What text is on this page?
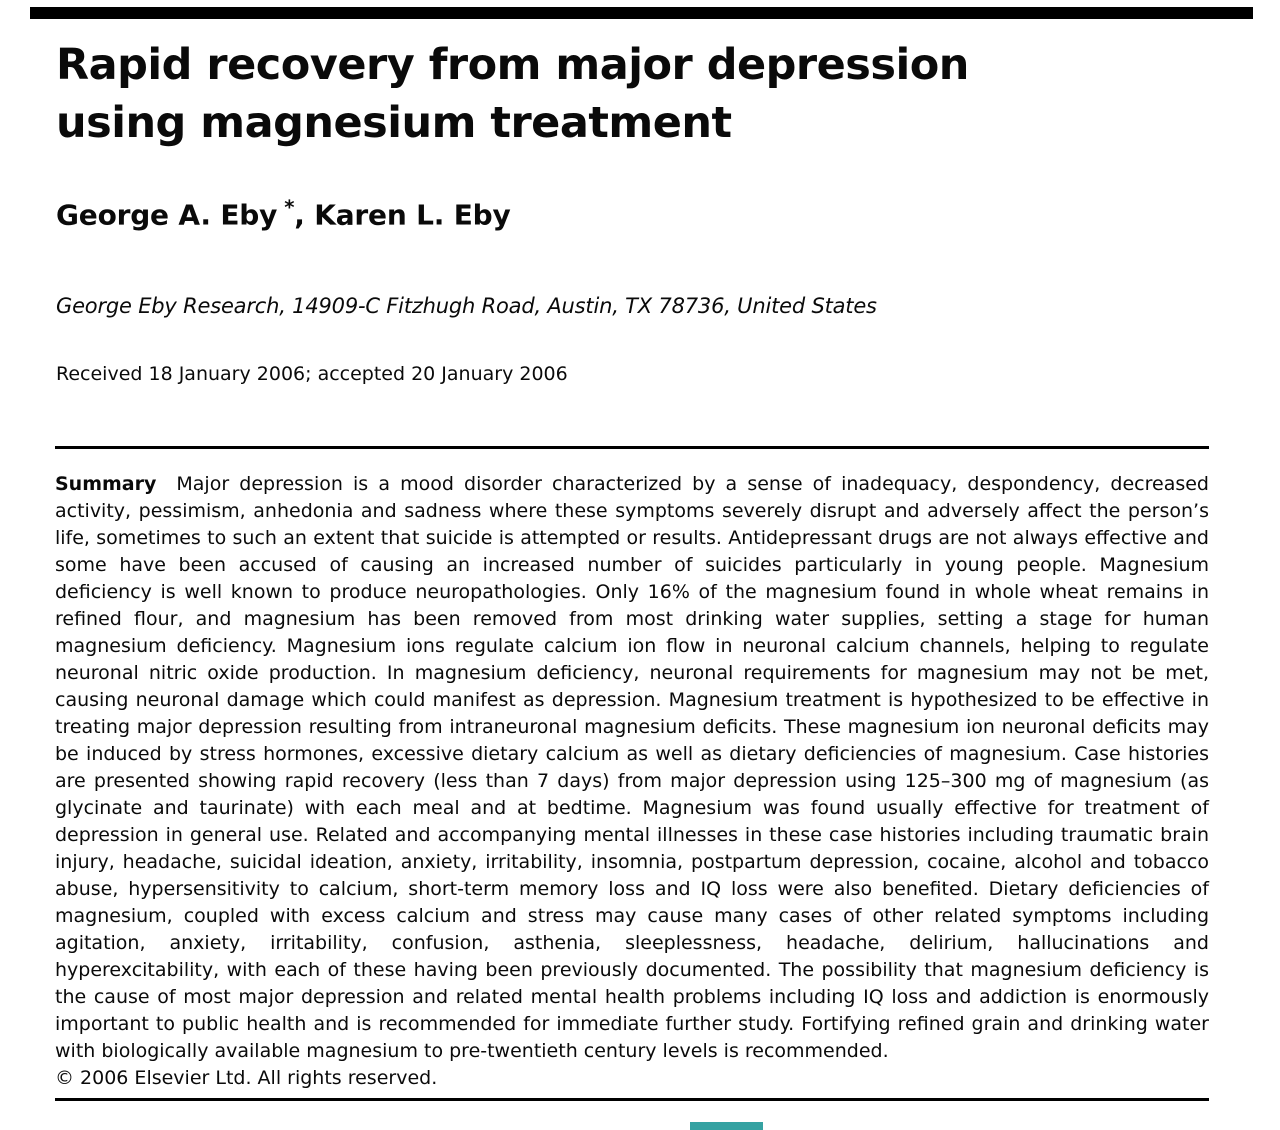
Rapid recovery from major depression
using magnesium treatment
George A. Eby *, Karen L. Eby
George Eby Research, 14909-C Fitzhugh Road, Austin, TX 78736, United States
Received 18 January 2006; accepted 20 January 2006

Summary Major depression is a mood disorder characterized by a sense of inadequacy, despondency, decreased activity, pessimism, anhedonia and sadness where these symptoms severely disrupt and adversely affect the person’s life, sometimes to such an extent that suicide is attempted or results. Antidepressant drugs are not always effective and some have been accused of causing an increased number of suicides particularly in young people. Magnesium deficiency is well known to produce neuropathologies. Only 16% of the magnesium found in whole wheat remains in refined flour, and magnesium has been removed from most drinking water supplies, setting a stage for human magnesium deficiency. Magnesium ions regulate calcium ion flow in neuronal calcium channels, helping to regulate neuronal nitric oxide production. In magnesium deficiency, neuronal requirements for magnesium may not be met, causing neuronal damage which could manifest as depression. Magnesium treatment is hypothesized to be effective in treating major depression resulting from intraneuronal magnesium deficits. These magnesium ion neuronal deficits may be induced by stress hormones, excessive dietary calcium as well as dietary deficiencies of magnesium. Case histories are presented showing rapid recovery (less than 7 days) from major depression using 125–300 mg of magnesium (as glycinate and taurinate) with each meal and at bedtime. Magnesium was found usually effective for treatment of depression in general use. Related and accompanying mental illnesses in these case histories including traumatic brain injury, headache, suicidal ideation, anxiety, irritability, insomnia, postpartum depression, cocaine, alcohol and tobacco abuse, hypersensitivity to calcium, short-term memory loss and IQ loss were also benefited. Dietary deficiencies of magnesium, coupled with excess calcium and stress may cause many cases of other related symptoms including agitation, anxiety, irritability, confusion, asthenia, sleeplessness, headache, delirium, hallucinations and hyperexcitability, with each of these having been previously documented. The possibility that magnesium deficiency is the cause of most major depression and related mental health problems including IQ loss and addiction is enormously important to public health and is recommended for immediate further study. Fortifying refined grain and drinking water with biologically available magnesium to pre-twentieth century levels is recommended.

© 2006 Elsevier Ltd. All rights reserved.
